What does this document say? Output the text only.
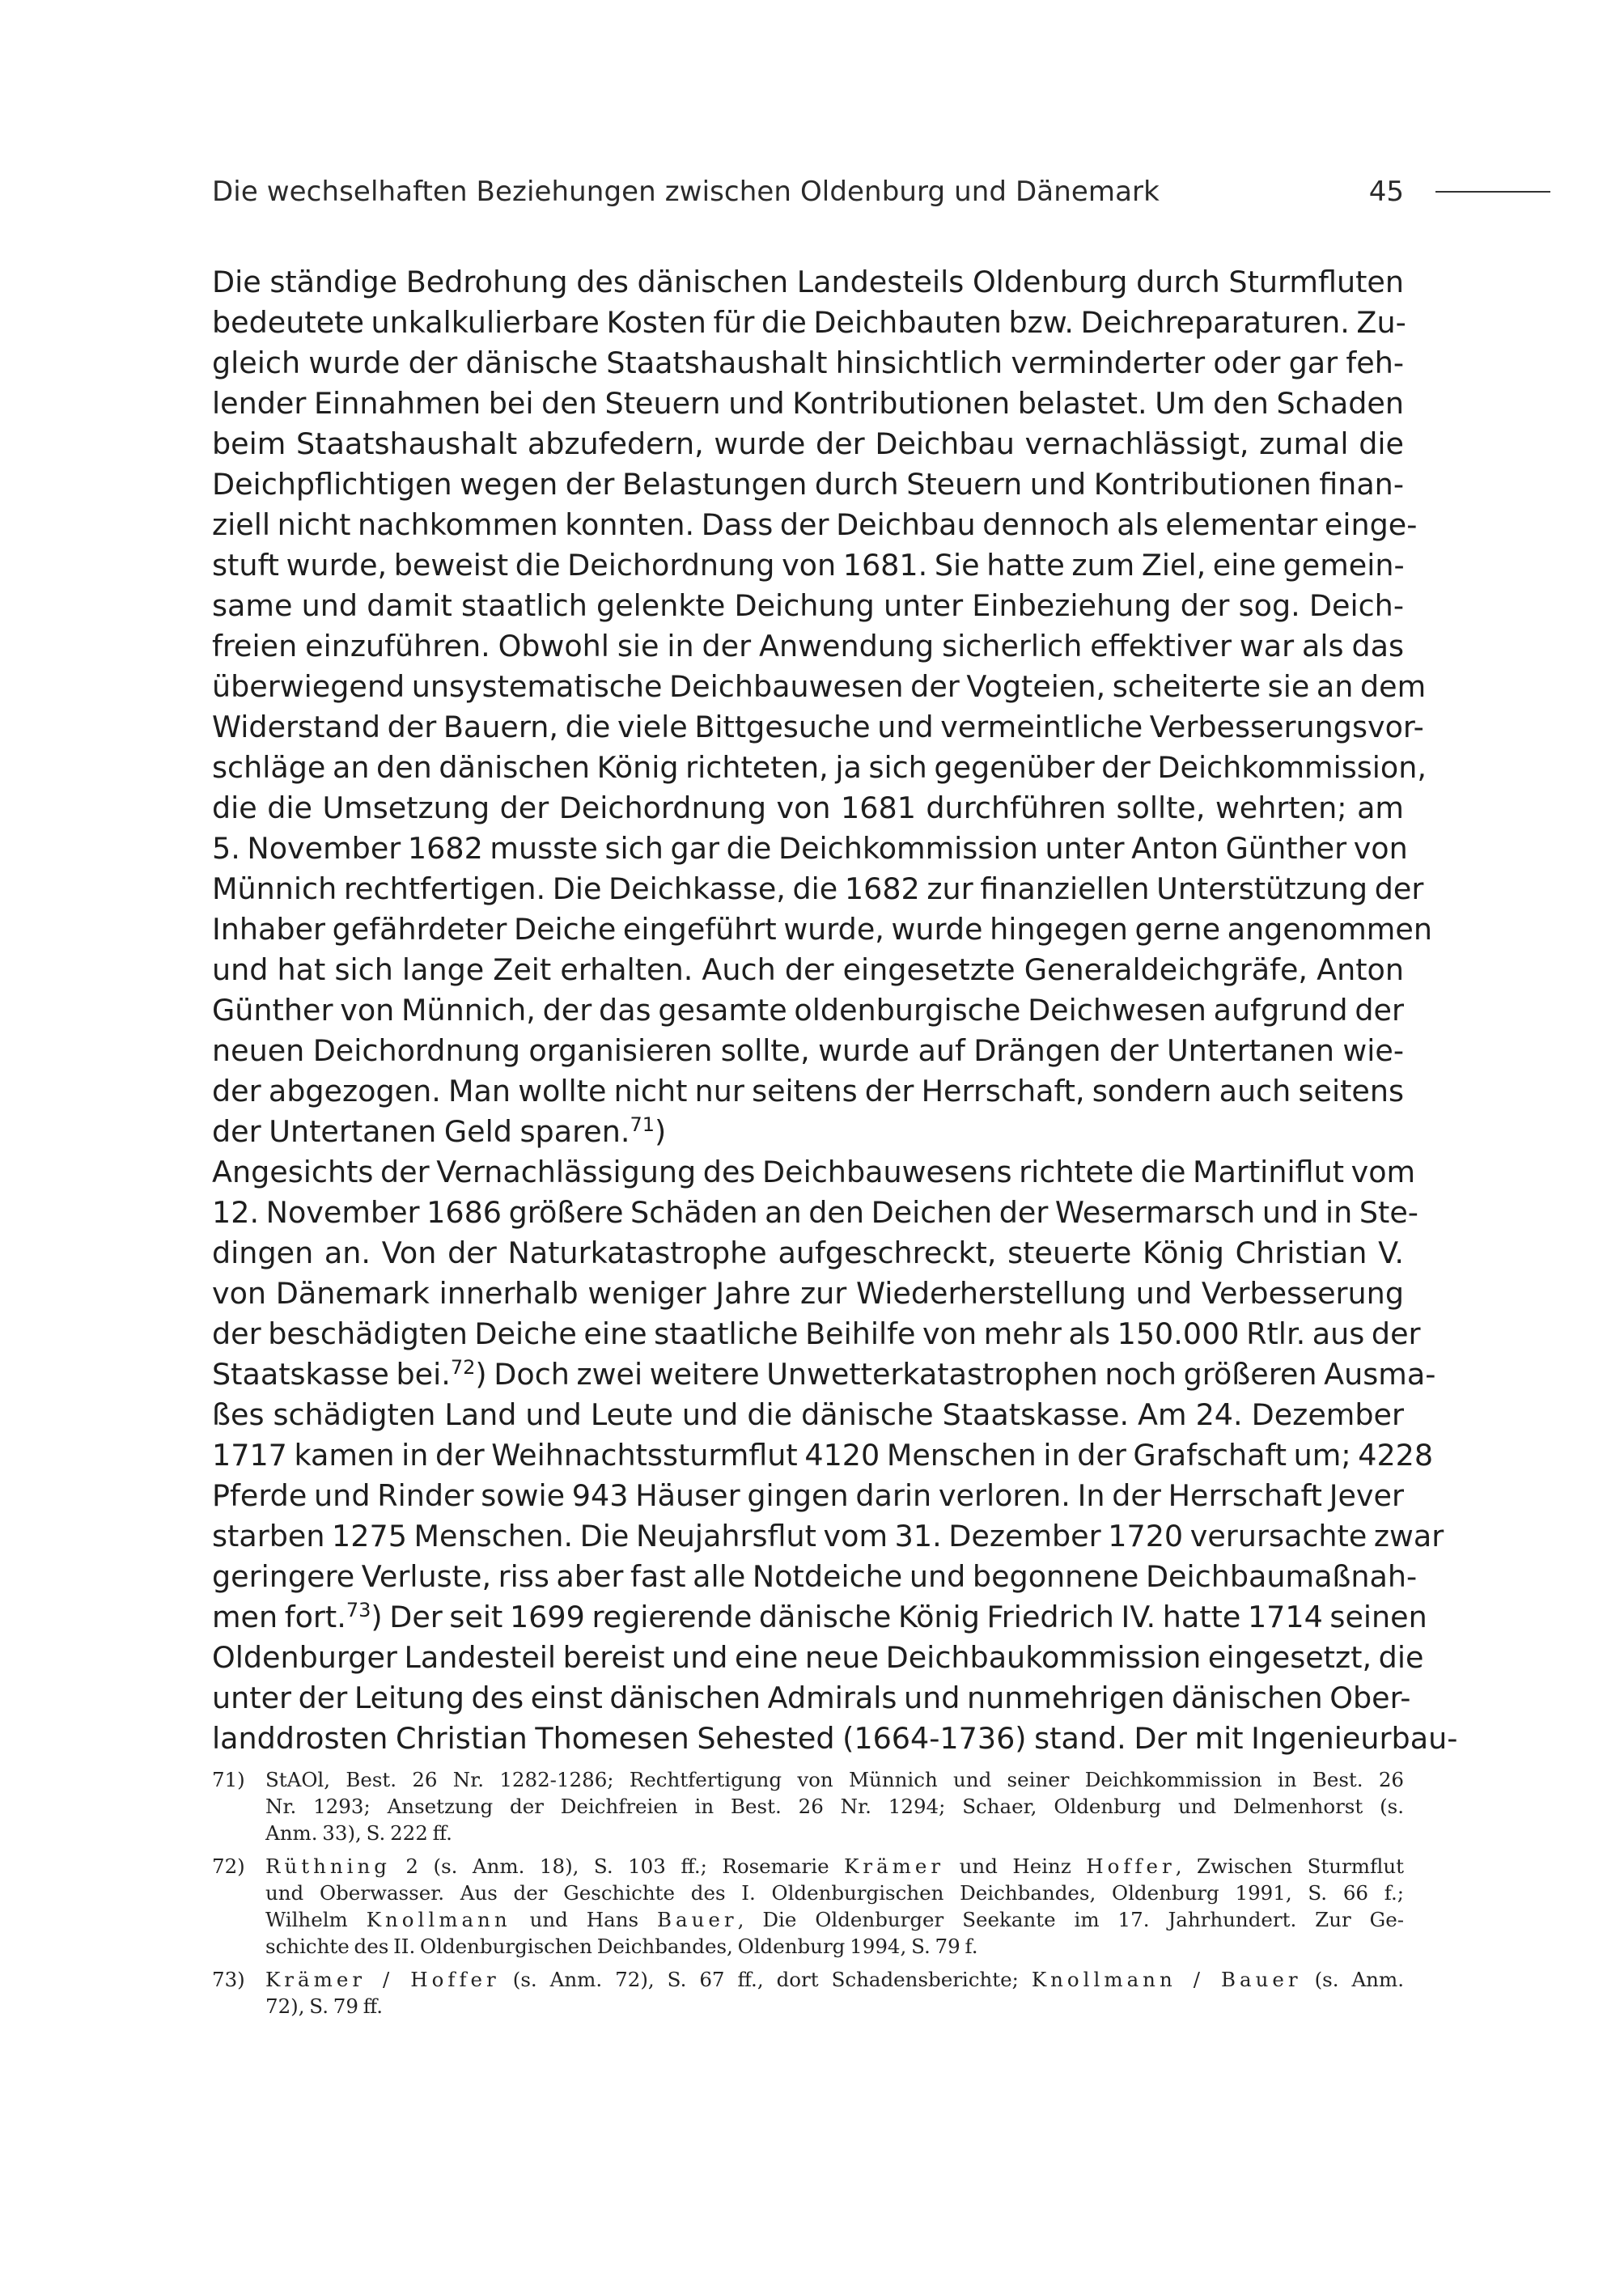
Die wechselhaften Beziehungen zwischen Oldenburg und Dänemark	45
Die ständige Bedrohung des dänischen Landesteils Oldenburg durch Sturmfluten
bedeutete unkalkulierbare Kosten für die Deichbauten bzw. Deichreparaturen. Zu-
gleich wurde der dänische Staatshaushalt hinsichtlich verminderter oder gar feh-
lender Einnahmen bei den Steuern und Kontributionen belastet. Um den Schaden
beim Staatshaushalt abzufedern, wurde der Deichbau vernachlässigt, zumal die
Deichpflichtigen wegen der Belastungen durch Steuern und Kontributionen finan-
ziell nicht nachkommen konnten. Dass der Deichbau dennoch als elementar einge-
stuft wurde, beweist die Deichordnung von 1681. Sie hatte zum Ziel, eine gemein-
same und damit staatlich gelenkte Deichung unter Einbeziehung der sog. Deich-
freien einzuführen. Obwohl sie in der Anwendung sicherlich effektiver war als das
überwiegend unsystematische Deichbauwesen der Vogteien, scheiterte sie an dem
Widerstand der Bauern, die viele Bittgesuche und vermeintliche Verbesserungsvor-
schläge an den dänischen König richteten, ja sich gegenüber der Deichkommission,
die die Umsetzung der Deichordnung von 1681 durchführen sollte, wehrten; am
5. November 1682 musste sich gar die Deichkommission unter Anton Günther von
Münnich rechtfertigen. Die Deichkasse, die 1682 zur finanziellen Unterstützung der
Inhaber gefährdeter Deiche eingeführt wurde, wurde hingegen gerne angenommen
und hat sich lange Zeit erhalten. Auch der eingesetzte Generaldeichgräfe, Anton
Günther von Münnich, der das gesamte oldenburgische Deichwesen aufgrund der
neuen Deichordnung organisieren sollte, wurde auf Drängen der Untertanen wie-
der abgezogen. Man wollte nicht nur seitens der Herrschaft, sondern auch seitens
der Untertanen Geld sparen.$^{71}$)
Angesichts der Vernachlässigung des Deichbauwesens richtete die Martiniflut vom
12. November 1686 größere Schäden an den Deichen der Wesermarsch und in Ste-
dingen an. Von der Naturkatastrophe aufgeschreckt, steuerte König Christian V.
von Dänemark innerhalb weniger Jahre zur Wiederherstellung und Verbesserung
der beschädigten Deiche eine staatliche Beihilfe von mehr als 150.000 Rtlr. aus der
Staatskasse bei.$^{72}$) Doch zwei weitere Unwetterkatastrophen noch größeren Ausma-
ßes schädigten Land und Leute und die dänische Staatskasse. Am 24. Dezember
1717 kamen in der Weihnachtssturmflut 4120 Menschen in der Grafschaft um; 4228
Pferde und Rinder sowie 943 Häuser gingen darin verloren. In der Herrschaft Jever
starben 1275 Menschen. Die Neujahrsflut vom 31. Dezember 1720 verursachte zwar
geringere Verluste, riss aber fast alle Notdeiche und begonnene Deichbaumaßnah-
men fort.$^{73}$) Der seit 1699 regierende dänische König Friedrich IV. hatte 1714 seinen
Oldenburger Landesteil bereist und eine neue Deichbaukommission eingesetzt, die
unter der Leitung des einst dänischen Admirals und nunmehrigen dänischen Ober-
landdrosten Christian Thomesen Sehested (1664-1736) stand. Der mit Ingenieurbau-
71) StAOl, Best. 26 Nr. 1282-1286; Rechtfertigung von Münnich und seiner Deichkommission in Best. 26
Nr. 1293; Ansetzung der Deichfreien in Best. 26 Nr. 1294; Schaer, Oldenburg und Delmenhorst (s.
Anm. 33), S. 222 ff.
72) Rüthning 2 (s. Anm. 18), S. 103 ff.; Rosemarie Krämer und Heinz Hoffer, Zwischen Sturmflut
und Oberwasser. Aus der Geschichte des I. Oldenburgischen Deichbandes, Oldenburg 1991, S. 66 f.;
Wilhelm Knollmann und Hans Bauer, Die Oldenburger Seekante im 17. Jahrhundert. Zur Ge-
schichte des II. Oldenburgischen Deichbandes, Oldenburg 1994, S. 79 f.
73) Krämer / Hoffer (s. Anm. 72), S. 67 ff., dort Schadensberichte; Knollmann / Bauer (s. Anm.
72), S. 79 ff.
